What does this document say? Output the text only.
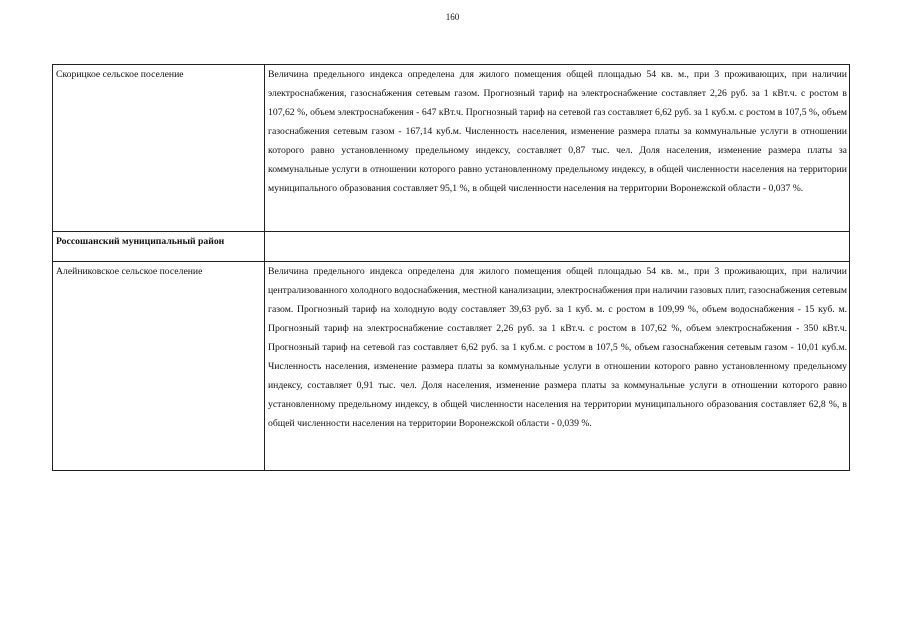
160
Скорицкое сельское поселение	Величина предельного индекса определена для жилого помещения общей площадью 54 кв. м., при 3 проживающих, при наличии электроснабжения, газоснабжения сетевым газом. Прогнозный тариф на электроснабжение составляет 2,26 руб. за 1 кВт.ч. с ростом в 107,62 %, объем электроснабжения - 647 кВт.ч. Прогнозный тариф на сетевой газ составляет 6,62 руб. за 1 куб.м. с ростом в 107,5 %, объем газоснабжения сетевым газом - 167,14 куб.м. Численность населения, изменение размера платы за коммунальные услуги в отношении которого равно установленному предельному индексу, составляет 0,87 тыс. чел. Доля населения, изменение размера платы за коммунальные услуги в отношении которого равно установленному предельному индексу, в общей численности населения на территории муниципального образования составляет 95,1 %, в общей численности населения на территории Воронежской области - 0,037 %.
Россошанский муниципальный район	
Алейниковское сельское поселение	Величина предельного индекса определена для жилого помещения общей площадью 54 кв. м., при 3 проживающих, при наличии централизованного холодного водоснабжения, местной канализации, электроснабжения при наличии газовых плит, газоснабжения сетевым газом. Прогнозный тариф на холодную воду составляет 39,63 руб. за 1 куб. м. с ростом в 109,99 %, объем водоснабжения - 15 куб. м. Прогнозный тариф на электроснабжение составляет 2,26 руб. за 1 кВт.ч. с ростом в 107,62 %, объем электроснабжения - 350 кВт.ч. Прогнозный тариф на сетевой газ составляет 6,62 руб. за 1 куб.м. с ростом в 107,5 %, объем газоснабжения сетевым газом - 10,01 куб.м. Численность населения, изменение размера платы за коммунальные услуги в отношении которого равно установленному предельному индексу, составляет 0,91 тыс. чел. Доля населения, изменение размера платы за коммунальные услуги в отношении которого равно установленному предельному индексу, в общей численности населения на территории муниципального образования составляет 62,8 %, в общей численности населения на территории Воронежской области - 0,039 %.
